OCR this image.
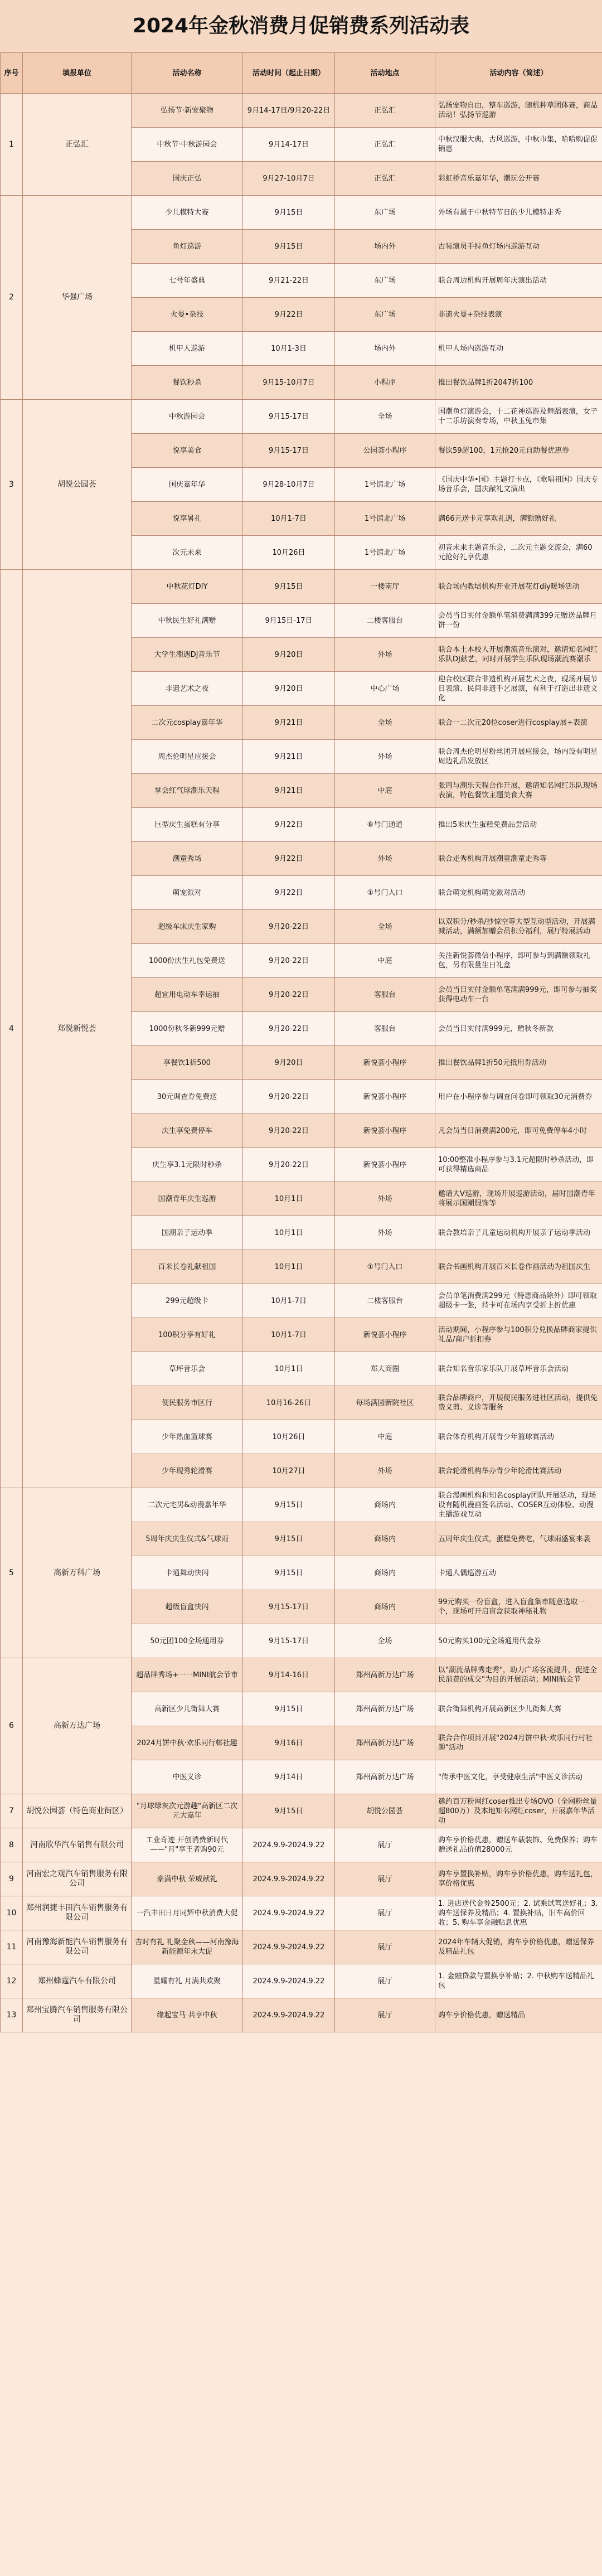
2024年金秋消费月促销费系列活动表
序号	填报单位	活动名称	活动时间（起止日期）	活动地点	活动内容（简述）
1	正弘汇	弘扬节·新宠聚物	9月14-17日/9月20-22日	正弘汇	弘扬宠物自由，整车巡游，随机种草团体赛，商品活动！弘扬节巡游
		中秋节·中秋游园会	9月14-17日	正弘汇	中秋汉服大典，古风巡游，中秋市集，哈哈购促促销惠
		国庆正弘	9月27-10月7日	正弘汇	彩虹桥音乐嘉年华，潮玩公开赛
2	华强广场	少儿模特大赛	9月15日	东广场	外场有属于中秋特节日的少儿模特走秀
		鱼灯巡游	9月15日	场内外	古装演员手持鱼灯场内巡游互动
		七号年盛典	9月21-22日	东广场	联合周边机构开展周年庆演出活动
		火曼•杂技	9月22日	东广场	非遗火曼+杂技表演
		机甲人巡游	10月1-3日	场内外	机甲人场内巡游互动
		餐饮秒杀	9月15-10月7日	小程序	推出餐饮品牌1折2047折100
3	胡悦公园荟	中秋游园会	9月15-17日	全场	国潮鱼灯演游会，十二花神巡游及舞蹈表演，女子十二乐坊演奏专场，中秋玉兔市集
		悦享美食	9月15-17日	公园荟小程序	餐饮59超100，1元抢20元自助餐优惠券
		国庆嘉年华	9月28-10月7日	1号馆北广场	《国庆中华•国》主题打卡点，《歌唱祖国》国庆专场音乐会，国庆献礼文演出
		悦享暑礼	10月1-7日	1号馆北广场	满66元送卡元享欢礼遇，满额赠好礼
		次元未来	10月26日	1号馆北广场	初音未来主题音乐会，二次元主题交流会，满60元抢好礼享优惠
4	郑悦新悦荟	中秋花灯DIY	9月15日	一楼南厅	联合场内教培机构开业开展花灯diy暖场活动
		中秋民生好礼满赠	9月15日-17日	二楼客服台	会员当日实付金额单笔消费满满399元赠送品牌月饼一份
		大学生潮遇DJ音乐节	9月20日	外场	联合本土本校人开展潮流音乐演对，邀请知名网红乐队DJ献艺，同时开展学生乐队现场潮流赛潮乐
		非遗艺术之夜	9月20日	中心广场	迎合校区联合非遗机构开展艺术之夜，现场开展节目表演、民间非遗手艺展演，有利于打造出非遗文化
		二次元cosplay嘉年华	9月21日	全场	联合一二次元20位coser进行cosplay展+表演
		周杰伦明星应援会	9月21日	外场	联合周杰伦明星粉丝团开展应援会，场内设有明星周边礼品发放区
		掌会红气球潮乐天程	9月21日	中庭	张周与潮乐天程合作开展，邀请知名网红乐队现场表演，特色餐饮主题美食大赛
		巨型庆生蛋糕有分享	9月22日	⑥号门通道	推出5米庆生蛋糕免费品尝活动
		潮童秀场	9月22日	外场	联合走秀机构开展潮童潮童走秀等
		萌宠派对	9月22日	①号门入口	联合萌宠机构萌宠派对活动
		超级车床庆生家购	9月20-22日	全场	以双积分/秒杀/抄惊空等大型互动型活动，开展满减活动，满额加赠会员积分福利，展厅特展活动
		1000份庆生礼包免费送	9月20-22日	中庭	关注新悦荟微信小程序，即可参与到满额领取礼包，另有限量生日礼盒
		超宜用电动车幸运抽	9月20-22日	客服台	会员当日实付金额单笔满满999元，即可参与抽奖获得电动车一台
		1000份秋冬新999元赠	9月20-22日	客服台	会员当日实付满999元，赠秋冬新款
		享餐饮1折500	9月20日	新悦荟小程序	推出餐饮品牌1折50元抵用券活动
		30元调查券免费送	9月20-22日	新悦荟小程序	用户在小程序参与调查问卷即可领取30元消费券
		庆生享免费停车	9月20-22日	新悦荟小程序	凡会员当日消费满200元，即可免费停车4小时
		庆生享3.1元限时秒杀	9月20-22日	新悦荟小程序	10:00整准小程序参与3.1元超限时秒杀活动，即可获得精选商品
		国潮青年庆生巡游	10月1日	外场	邀请大V巡游，现场开展巡游活动，届时国潮青年将展示国潮服饰等
		国潮亲子运动季	10月1日	外场	联合教培亲子儿童运动机构开展亲子运动季活动
		百米长卷礼献祖国	10月1日	①号门入口	联合书画机构开展百米长卷作画活动为祖国庆生
		299元超级卡	10月1-7日	二楼客服台	会员单笔消费满299元（特惠商品除外）即可领取超级卡一张，持卡可在场内享受折上折优惠
		100积分享有好礼	10月1-7日	新悦荟小程序	活动期间，小程序参与100积分兑换品牌商家提供礼品/商户折扣券
		草坪音乐会	10月1日	郑大商圈	联合知名音乐家乐队开展草坪音乐会活动
		便民服务市区行	10月16-26日	每场满园新院社区	联合品牌商户，开展便民服务进社区活动，提供免费义剪、义诊等服务
		少年热血篮球赛	10月26日	中庭	联合体育机构开展青少年篮球赛活动
		少年现秀轮滑赛	10月27日	外场	联合轮滑机构举办青少年轮滑比赛活动
5	高新万科广场	二次元宅男&动漫嘉年华	9月15日	商场内	联合漫画机构和知名cosplay团队开展活动，现场设有随机漫画签名活动、COSER互动体验、动漫主播游戏互动
		5周年庆庆生仪式&气球雨	9月15日	商场内	五周年庆生仪式，蛋糕免费吃，气球雨盛宴来袭
		卡通舞动快闪	9月15日	商场内	卡通人偶巡游互动
		超级盲盒快闪	9月15-17日	商场内	99元购买一份盲盒，进入盲盒集市随意选取一个，现场可开启盲盒获取神秘礼物
		50元团100全场通用券	9月15-17日	全场	50元购买100元全场通用代金券
6	高新万达广场	超品牌秀场+一一MINI航会节市	9月14-16日	郑州高新万达广场	以"潮流品牌秀走秀"，助力广场客流提升，促进全民消费的成交"为目的开展活动；MINI航会节
		高新区少儿街舞大赛	9月15日	郑州高新万达广场	联合街舞机构开展高新区少儿街舞大赛
		2024月饼中秋·欢乐同行邨社趣	9月16日	郑州高新万达广场	联合合作项目开展"2024月饼中秋·欢乐同行村社趣"活动
		中医义诊	9月14日	郑州高新万达广场	"传承中医文化，享受健康生活"中医义诊活动
7	胡悦公园荟（特色商业街区）	"月球绿灰次元游趣"高新区二次元大嘉年	9月15日	胡悦公园荟	邀约百万粉网红coser推出专场OVO（全网粉丝量超800万）及本地知名网红coser，开展嘉年华活动
8	河南欣华汽车销售有限公司	工业奇迹 开创消费新时代——"月"享王者购90元	2024.9.9-2024.9.22	展厅	购车享价格优惠，赠送车载装饰、免费保养；购车赠送礼品价值28000元
9	河南宏之观汽车销售服务有限公司	豪满中秋 荣威献礼	2024.9.9-2024.9.22	展厅	购车享置换补贴，购车享价格优惠，购车送礼包，享价格优惠
10	郑州润捷丰田汽车销售服务有限公司	一汽丰田日月同辉中秋消费大促	2024.9.9-2024.9.22	展厅	1. 进店送代金券2500元；2. 试乘试驾送好礼；3. 购车送保养及精品；4. 置换补贴，旧车高价回收；5. 购车享金融贴息优惠
11	河南豫海新能汽车销售服务有限公司	吉时有礼 礼聚金秋——河南豫海新能源年末大促	2024.9.9-2024.9.22	展厅	2024年车辆大促销，购车享价格优惠，赠送保养及精品礼包
12	郑州蜂霆汽车有限公司	星耀有礼 月满共欢聚	2024.9.9-2024.9.22	展厅	1. 金融贷款与置换享补贴；2. 中秋购车送精品礼包
13	郑州宝腾汽车销售服务有限公司	缘起宝马 共享中秋	2024.9.9-2024.9.22	展厅	购车享价格优惠，赠送精品
